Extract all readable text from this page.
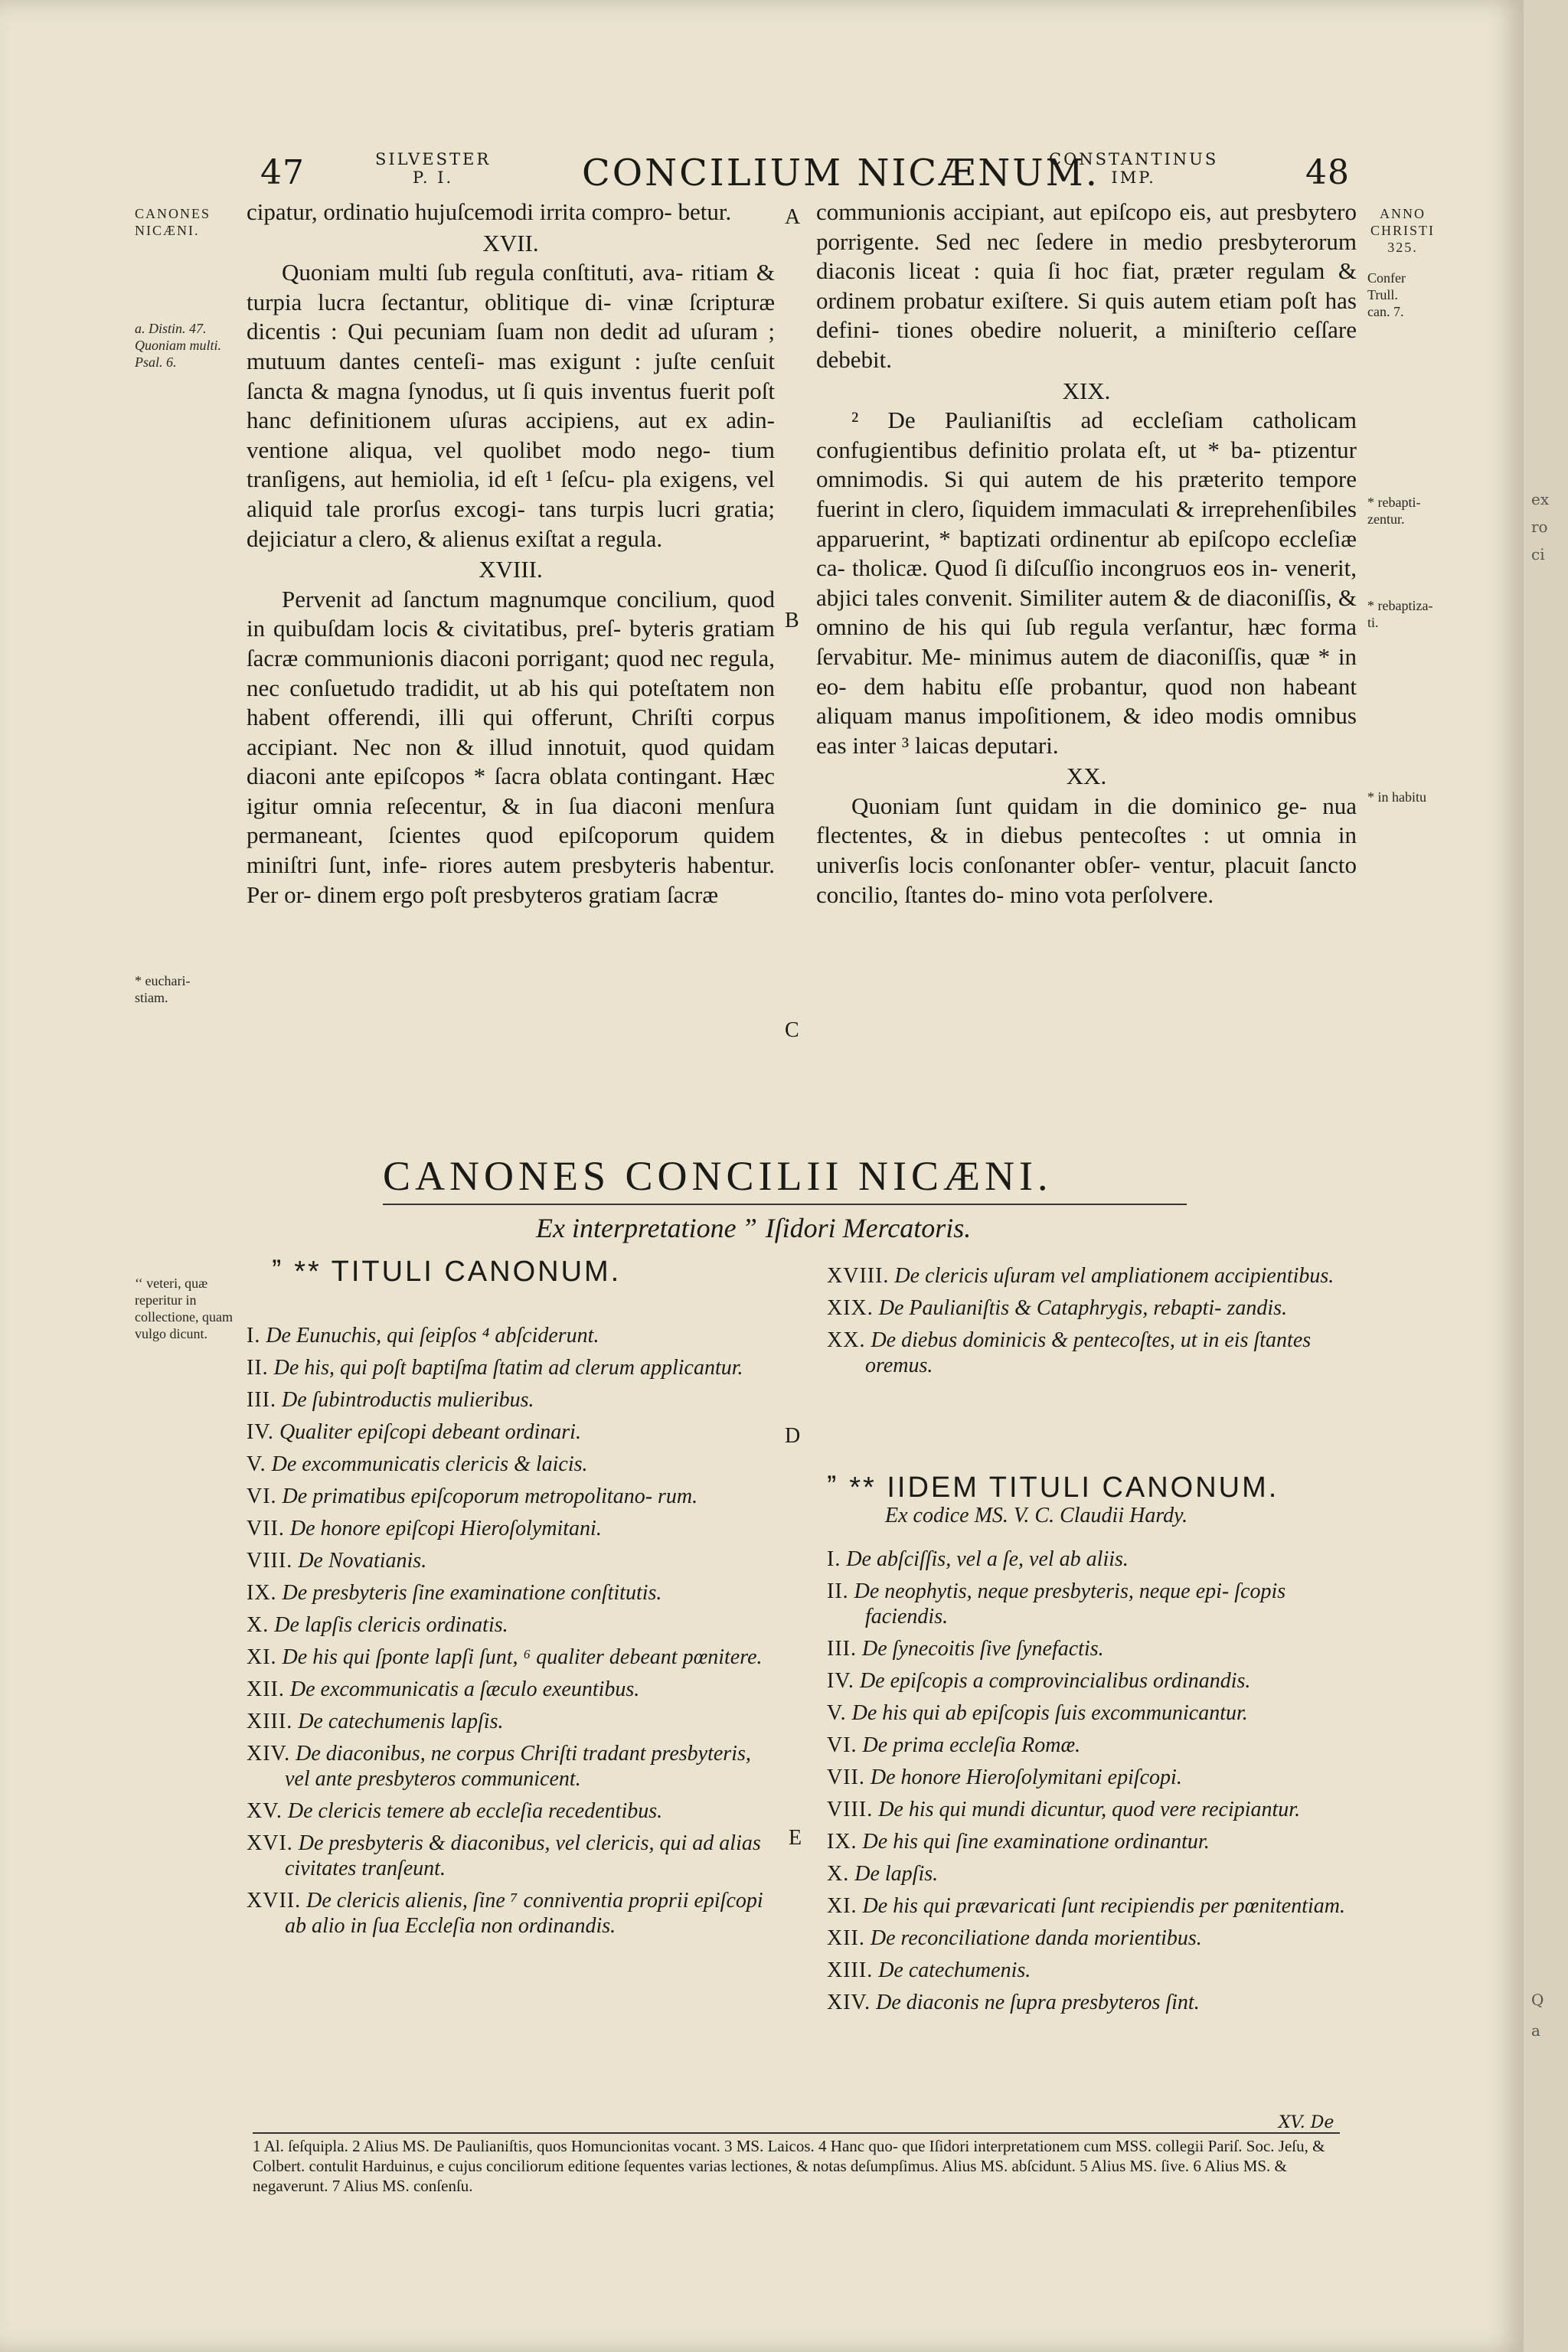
47	SILVESTER
P. I.	CONCILIUM NICÆNUM.
CONSTANTINUS
IMP.	48
CANONES
NICÆNI.
a. Distin. 47.
Quoniam multi.
Psal. 6.
* euchari-
stiam.
‘‘ veteri, quæ reperitur in collectione, quam vulgo dicunt.
ANNO
CHRISTI
325.
Confer
Trull.
can. 7.
* rebapti-
zentur.
* rebaptiza-
ti.
* in habitu
A
B
C
D
E

cipatur, ordinatio hujuſcemodi irrita compro- betur.

XVII.

Quoniam multi ſub regula conſtituti, ava- ritiam & turpia lucra ſectantur, oblitique di- vinæ ſcripturæ dicentis : Qui pecuniam ſuam non dedit ad uſuram ; mutuum dantes centeſi- mas exigunt : juſte cenſuit ſancta & magna ſynodus, ut ſi quis inventus fuerit poſt hanc definitionem uſuras accipiens, aut ex adin- ventione aliqua, vel quolibet modo nego- tium tranſigens, aut hemiolia, id eſt ¹ ſeſcu- pla exigens, vel aliquid tale prorſus excogi- tans turpis lucri gratia; dejiciatur a clero, & alienus exiſtat a regula.

XVIII.

Pervenit ad ſanctum magnumque concilium, quod in quibuſdam locis & civitatibus, preſ- byteris gratiam ſacræ communionis diaconi porrigant; quod nec regula, nec conſuetudo tradidit, ut ab his qui poteſtatem non habent offerendi, illi qui offerunt, Chriſti corpus accipiant. Nec non & illud innotuit, quod quidam diaconi ante epiſcopos * ſacra oblata contingant. Hæc igitur omnia reſecentur, & in ſua diaconi menſura permaneant, ſcientes quod epiſcoporum quidem miniſtri ſunt, infe- riores autem presbyteris habentur. Per or- dinem ergo poſt presbyteros gratiam ſacræ

communionis accipiant, aut epiſcopo eis, aut presbytero porrigente. Sed nec ſedere in medio presbyterorum diaconis liceat : quia ſi hoc fiat, præter regulam & ordinem probatur exiſtere. Si quis autem etiam poſt has defini- tiones obedire noluerit, a miniſterio ceſſare debebit.

XIX.

² De Paulianiſtis ad eccleſiam catholicam confugientibus definitio prolata eſt, ut * ba- ptizentur omnimodis. Si qui autem de his præterito tempore fuerint in clero, ſiquidem immaculati & irreprehenſibiles apparuerint, * baptizati ordinentur ab epiſcopo eccleſiæ ca- tholicæ. Quod ſi diſcuſſio incongruos eos in- venerit, abjici tales convenit. Similiter autem & de diaconiſſis, & omnino de his qui ſub regula verſantur, hæc forma ſervabitur. Me- minimus autem de diaconiſſis, quæ * in eo- dem habitu eſſe probantur, quod non habeant aliquam manus impoſitionem, & ideo modis omnibus eas inter ³ laicas deputari.

XX.

Quoniam ſunt quidam in die dominico ge- nua flectentes, & in diebus pentecoſtes : ut omnia in univerſis locis conſonanter obſer- ventur, placuit ſancto concilio, ſtantes do- mino vota perſolvere.

CANONES CONCILII NICÆNI.
Ex interpretatione ˮ Iſidori Mercatoris.
ˮ ** TITULI CANONUM.
I. De Eunuchis, qui ſeipſos ⁴ abſciderunt.
II. De his, qui poſt baptiſma ſtatim ad clerum applicantur.
III. De ſubintroductis mulieribus.
IV. Qualiter epiſcopi debeant ordinari.
V. De excommunicatis clericis & laicis.
VI. De primatibus epiſcoporum metropolitano- rum.
VII. De honore epiſcopi Hieroſolymitani.
VIII. De Novatianis.
IX. De presbyteris ſine examinatione conſtitutis.
X. De lapſis clericis ordinatis.
XI. De his qui ſponte lapſi ſunt, ⁶ qualiter debeant pœnitere.
XII. De excommunicatis a ſæculo exeuntibus.
XIII. De catechumenis lapſis.
XIV. De diaconibus, ne corpus Chriſti tradant presbyteris, vel ante presbyteros communicent.
XV. De clericis temere ab eccleſia recedentibus.
XVI. De presbyteris & diaconibus, vel clericis, qui ad alias civitates tranſeunt.
XVII. De clericis alienis, ſine ⁷ conniventia proprii epiſcopi ab alio in ſua Eccleſia non ordinandis.
XVIII. De clericis uſuram vel ampliationem accipientibus.
XIX. De Paulianiſtis & Cataphrygis, rebapti- zandis.
XX. De diebus dominicis & pentecoſtes, ut in eis ſtantes oremus.
ˮ ** IIDEM TITULI CANONUM.
Ex codice MS. V. C. Claudii Hardy.
I. De abſciſſis, vel a ſe, vel ab aliis.
II. De neophytis, neque presbyteris, neque epi- ſcopis faciendis.
III. De ſynecoitis ſive ſynefactis.
IV. De epiſcopis a comprovincialibus ordinandis.
V. De his qui ab epiſcopis ſuis excommunicantur.
VI. De prima eccleſia Romæ.
VII. De honore Hieroſolymitani epiſcopi.
VIII. De his qui mundi dicuntur, quod vere recipiantur.
IX. De his qui ſine examinatione ordinantur.
X. De lapſis.
XI. De his qui prævaricati ſunt recipiendis per pœnitentiam.
XII. De reconciliatione danda morientibus.
XIII. De catechumenis.
XIV. De diaconis ne ſupra presbyteros ſint.
XV. De
1 Al. ſeſquipla. 2 Alius MS. De Paulianiſtis, quos Homuncionitas vocant. 3 MS. Laicos. 4 Hanc quo- que Iſidori interpretationem cum MSS. collegii Pariſ. Soc. Jeſu, & Colbert. contulit Harduinus, e cujus conciliorum editione ſequentes varias lectiones, & notas deſumpſimus. Alius MS. abſcidunt. 5 Alius MS. ſive. 6 Alius MS. & negaverunt. 7 Alius MS. conſenſu.
ex
ro
ci
Q
a
